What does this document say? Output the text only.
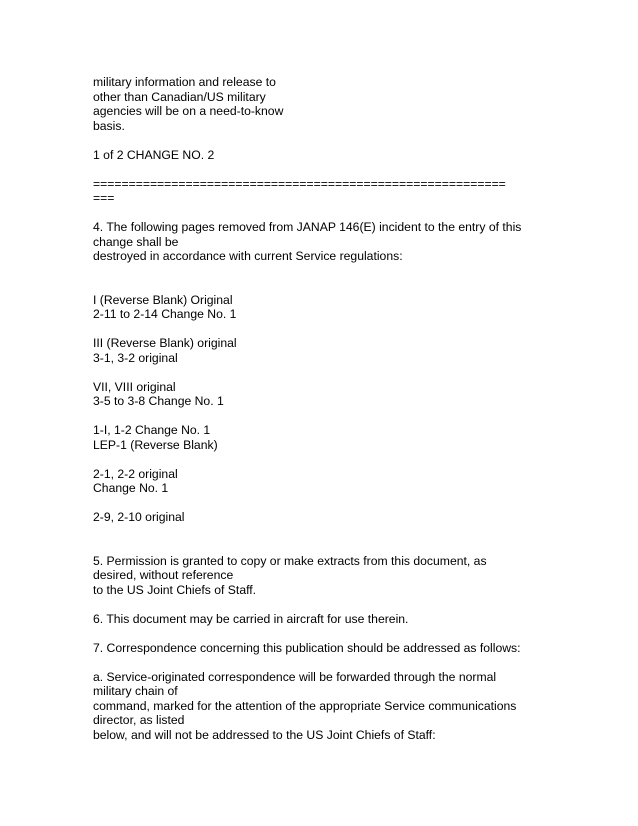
military information and release to
other than Canadian/US military
agencies will be on a need-to-know
basis.
1 of 2 CHANGE NO. 2
==========================================================
===
4. The following pages removed from JANAP 146(E) incident to the entry of this
change shall be
destroyed in accordance with current Service regulations:
I (Reverse Blank) Original
2-11 to 2-14 Change No. 1
III (Reverse Blank) original
3-1, 3-2 original
VII, VIII original
3-5 to 3-8 Change No. 1
1-I, 1-2 Change No. 1
LEP-1 (Reverse Blank)
2-1, 2-2 original
Change No. 1
2-9, 2-10 original
5. Permission is granted to copy or make extracts from this document, as
desired, without reference
to the US Joint Chiefs of Staff.
6. This document may be carried in aircraft for use therein.
7. Correspondence concerning this publication should be addressed as follows:
a. Service-originated correspondence will be forwarded through the normal
military chain of
command, marked for the attention of the appropriate Service communications
director, as listed
below, and will not be addressed to the US Joint Chiefs of Staff:
